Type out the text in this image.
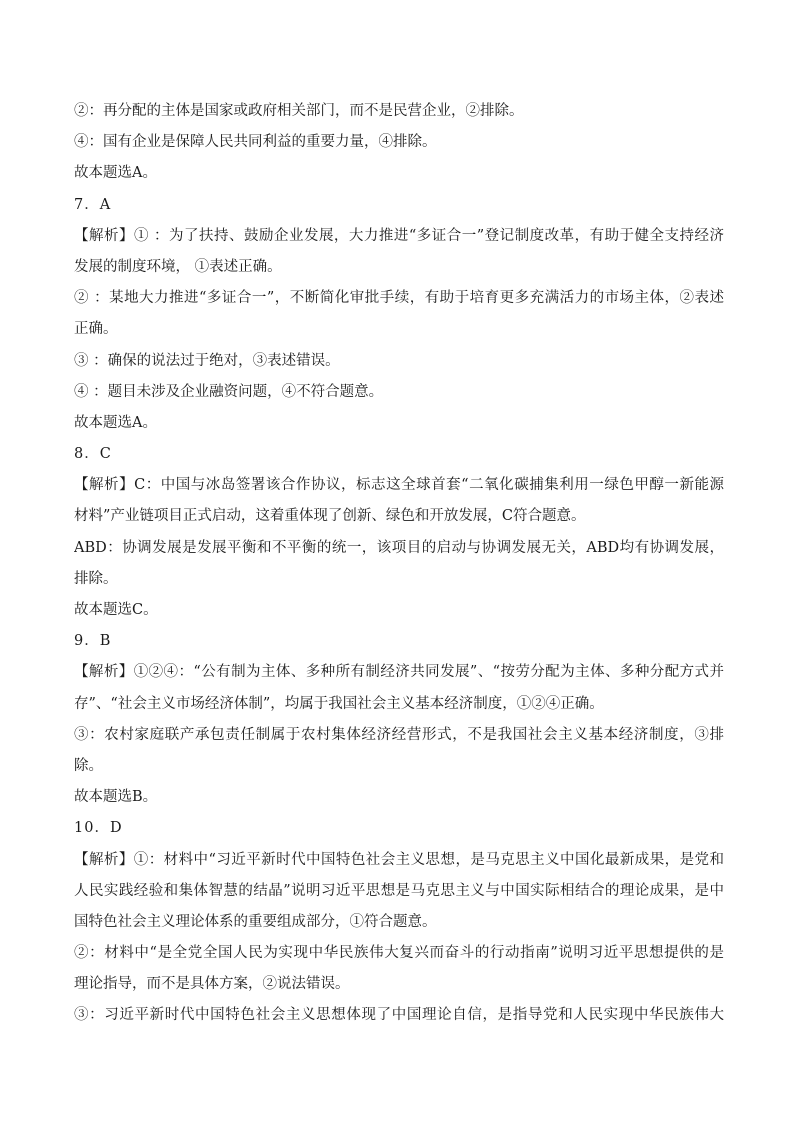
②：再分配的主体是国家或政府相关部门，而不是民营企业，②排除。
④：国有企业是保障人民共同利益的重要力量，④排除。
故本题选A。
7．A
【解析】① ：为了扶持、鼓励企业发展，大力推进“多证合一”登记制度改革，有助于健全支持经济
发展的制度环境， ①表述正确。
② ：某地大力推进“多证合一”，不断简化审批手续，有助于培育更多充满活力的市场主体，②表述
正确。
③ ：确保的说法过于绝对，③表述错误。
④ ：题目未涉及企业融资问题，④不符合题意。
故本题选A。
8．C
【解析】C：中国与冰岛签署该合作协议，标志这全球首套“二氧化碳捕集利用一绿色甲醇一新能源
材料”产业链项目正式启动，这着重体现了创新、绿色和开放发展，C符合题意。
ABD：协调发展是发展平衡和不平衡的统一，该项目的启动与协调发展无关，ABD均有协调发展，
排除。
故本题选C。
9．B
【解析】①②④：“公有制为主体、多种所有制经济共同发展”、“按劳分配为主体、多种分配方式并
存”、“社会主义市场经济体制”，均属于我国社会主义基本经济制度，①②④正确。
③：农村家庭联产承包责任制属于农村集体经济经营形式，不是我国社会主义基本经济制度，③排
除。
故本题选B。
10．D
【解析】①：材料中“习近平新时代中国特色社会主义思想，是马克思主义中国化最新成果，是党和
人民实践经验和集体智慧的结晶”说明习近平思想是马克思主义与中国实际相结合的理论成果，是中
国特色社会主义理论体系的重要组成部分，①符合题意。
②：材料中“是全党全国人民为实现中华民族伟大复兴而奋斗的行动指南”说明习近平思想提供的是
理论指导，而不是具体方案，②说法错误。
③：习近平新时代中国特色社会主义思想体现了中国理论自信，是指导党和人民实现中华民族伟大
